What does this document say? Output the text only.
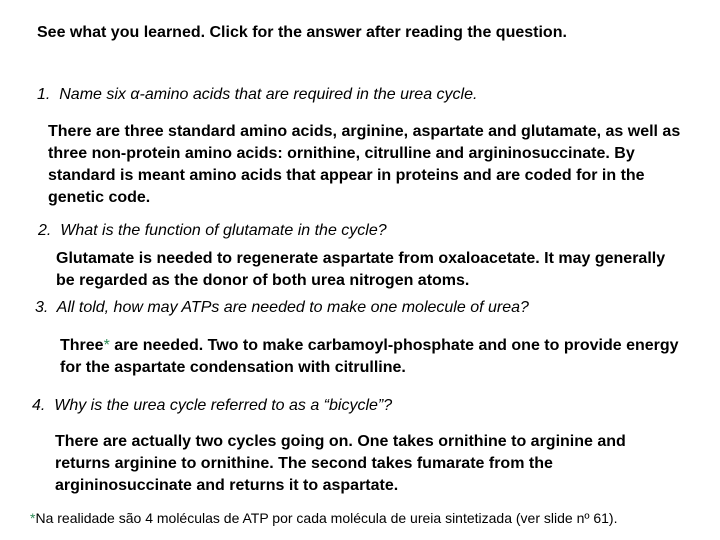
See what you learned. Click for the answer after reading the question.

1. Name six α-amino acids that are required in the urea cycle.

There are three standard amino acids, arginine, aspartate and glutamate, as well as three non-protein amino acids: ornithine, citrulline and argininosuccinate. By standard is meant amino acids that appear in proteins and are coded for in the genetic code.

2. What is the function of glutamate in the cycle?

Glutamate is needed to regenerate aspartate from oxaloacetate. It may generally be regarded as the donor of both urea nitrogen atoms.

3. All told, how may ATPs are needed to make one molecule of urea?

Three* are needed. Two to make carbamoyl-phosphate and one to provide energy for the aspartate condensation with citrulline.

4. Why is the urea cycle referred to as a “bicycle”?

There are actually two cycles going on. One takes ornithine to arginine and returns arginine to ornithine. The second takes fumarate from the argininosuccinate and returns it to aspartate.

*Na realidade são 4 moléculas de ATP por cada molécula de ureia sintetizada (ver slide nº 61).
